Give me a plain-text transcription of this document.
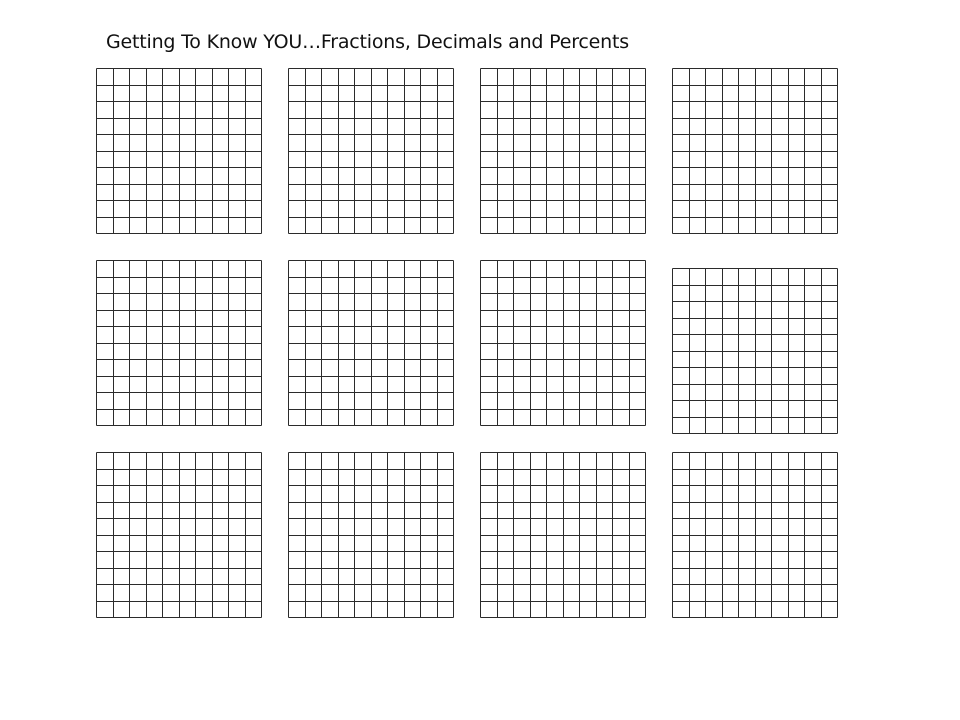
Getting To Know YOU…Fractions, Decimals and Percents
